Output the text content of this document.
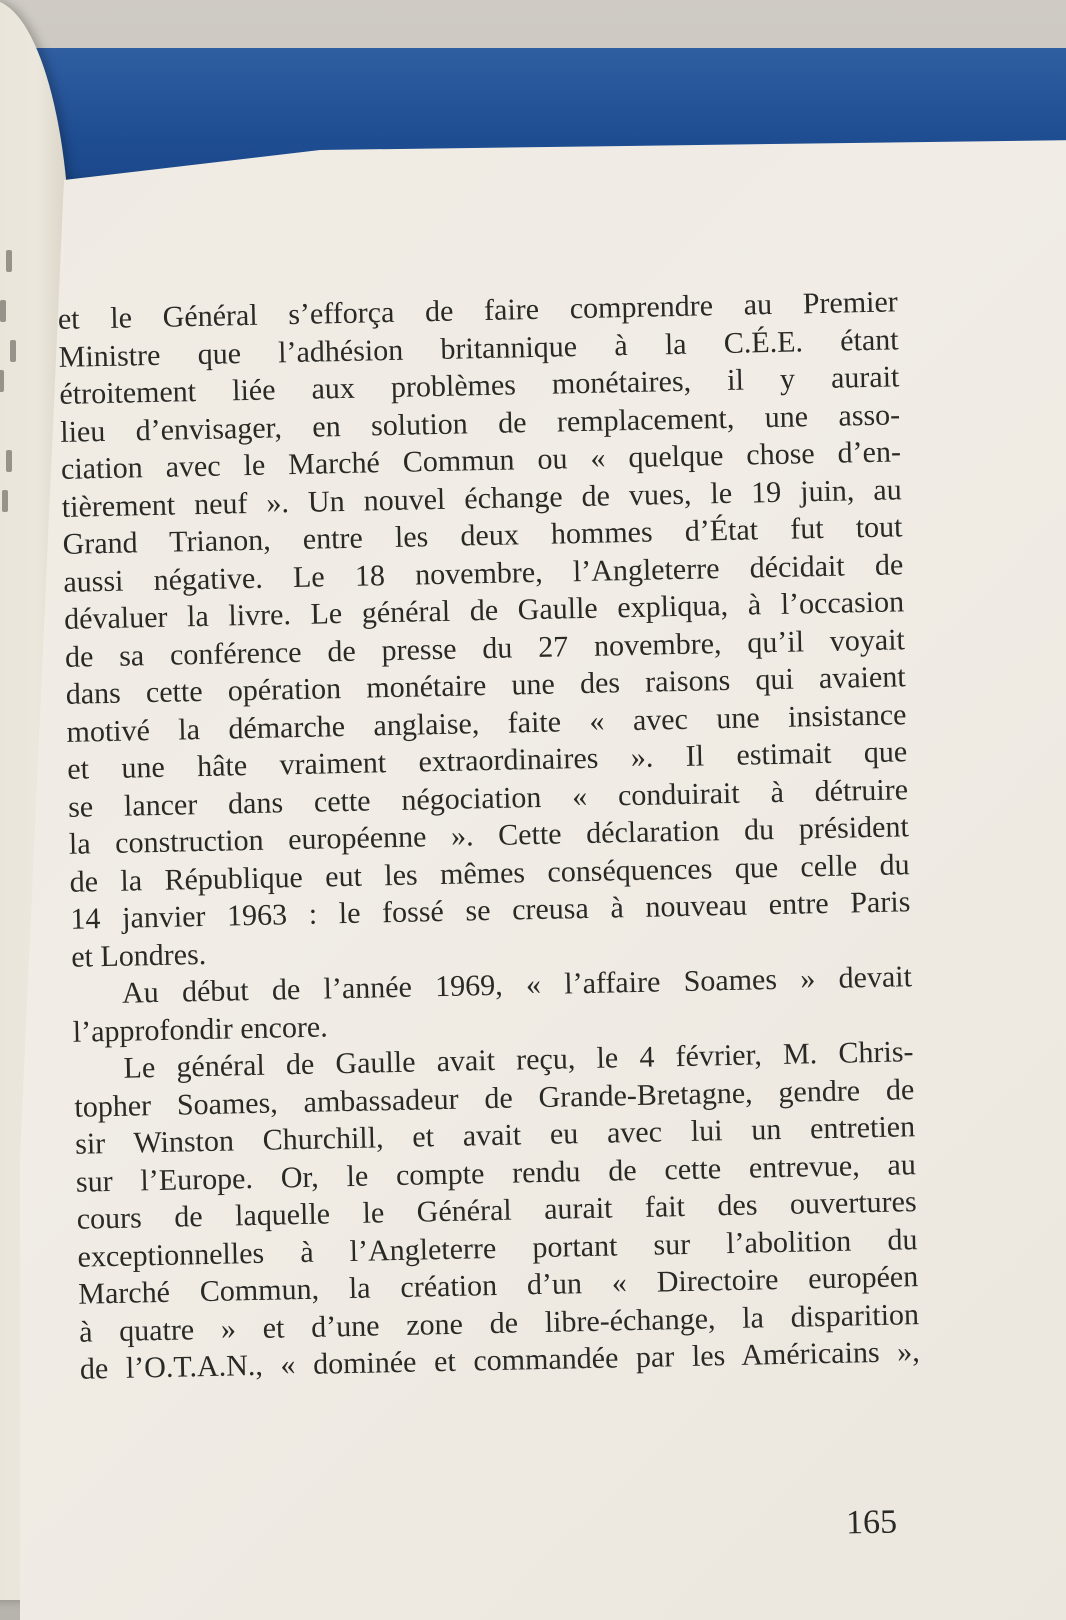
et le Général s’efforça de faire comprendre au Premier
Ministre que l’adhésion britannique à la C.É.E. étant
étroitement liée aux problèmes monétaires, il y aurait
lieu d’envisager, en solution de remplacement, une asso-
ciation avec le Marché Commun ou « quelque chose d’en-
tièrement neuf ». Un nouvel échange de vues, le 19 juin, au
Grand Trianon, entre les deux hommes d’État fut tout
aussi négative. Le 18 novembre, l’Angleterre décidait de
dévaluer la livre. Le général de Gaulle expliqua, à l’occasion
de sa conférence de presse du 27 novembre, qu’il voyait
dans cette opération monétaire une des raisons qui avaient
motivé la démarche anglaise, faite « avec une insistance
et une hâte vraiment extraordinaires ». Il estimait que
se lancer dans cette négociation « conduirait à détruire
la construction européenne ». Cette déclaration du président
de la République eut les mêmes conséquences que celle du
14 janvier 1963 : le fossé se creusa à nouveau entre Paris
et Londres.
Au début de l’année 1969, « l’affaire Soames » devait
l’approfondir encore.
Le général de Gaulle avait reçu, le 4 février, M. Chris-
topher Soames, ambassadeur de Grande-Bretagne, gendre de
sir Winston Churchill, et avait eu avec lui un entretien
sur l’Europe. Or, le compte rendu de cette entrevue, au
cours de laquelle le Général aurait fait des ouvertures
exceptionnelles à l’Angleterre portant sur l’abolition du
Marché Commun, la création d’un « Directoire européen
à quatre » et d’une zone de libre-échange, la disparition
de l’O.T.A.N., « dominée et commandée par les Américains »,
165
